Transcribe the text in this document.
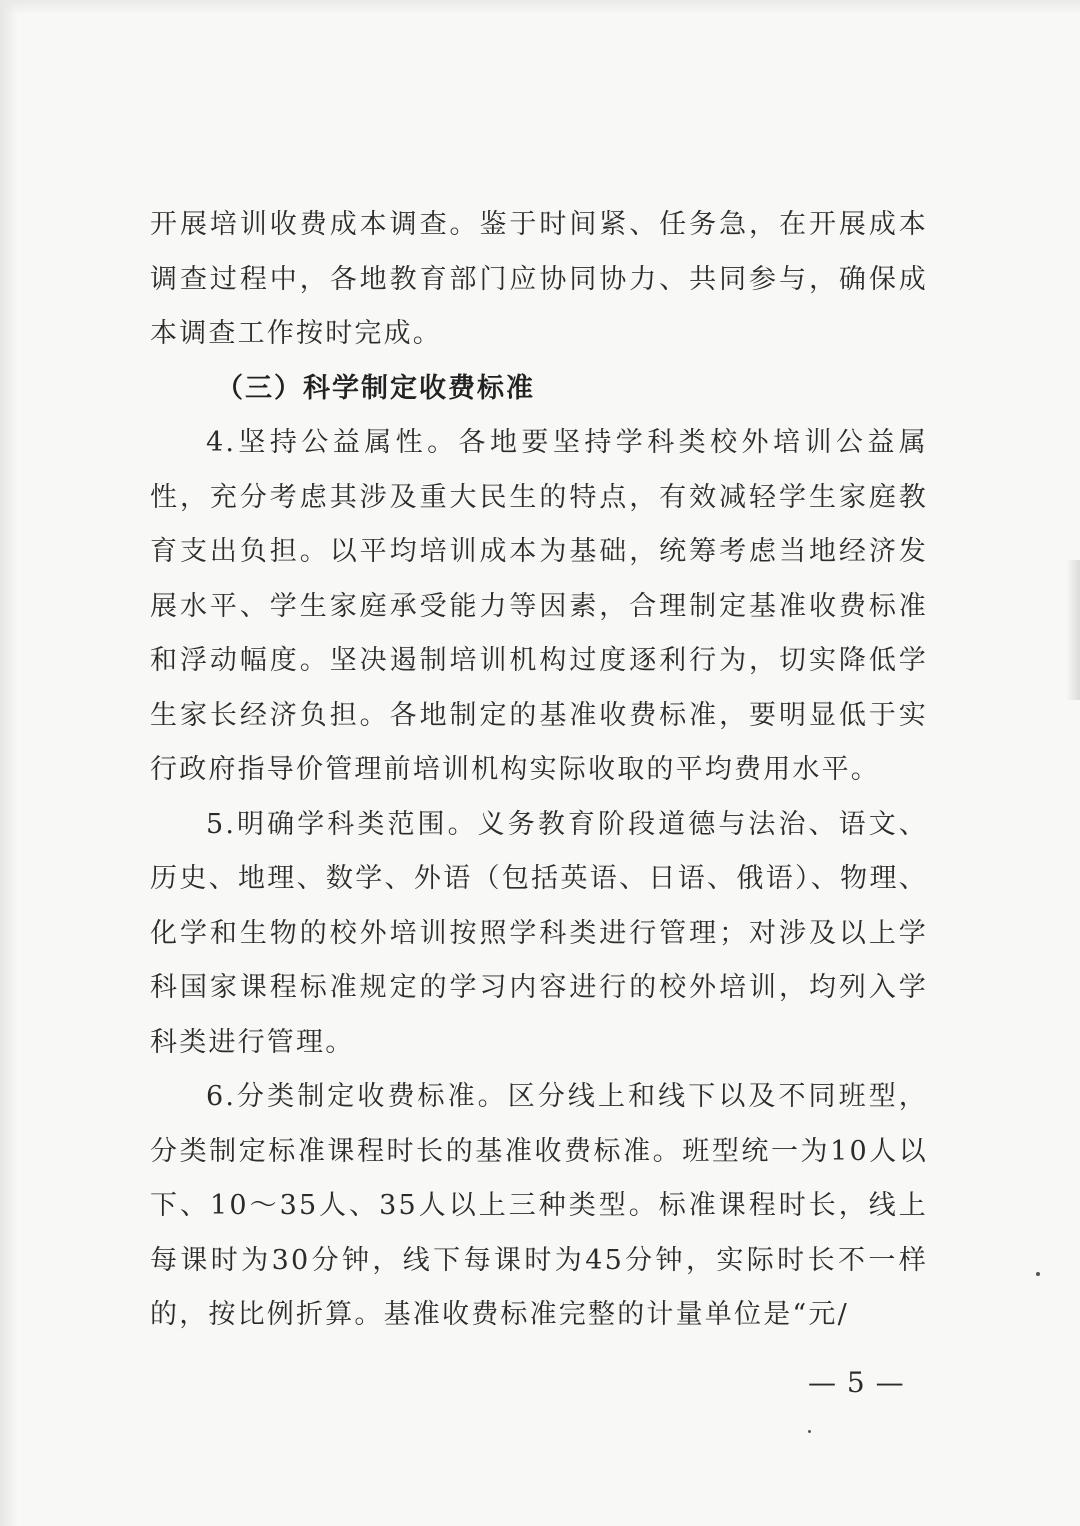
开展培训收费成本调查。鉴于时间紧、任务急，在开展成本调查过程中，各地教育部门应协同协力、共同参与，确保成本调查工作按时完成。

（三）科学制定收费标准

4.坚持公益属性。各地要坚持学科类校外培训公益属性，充分考虑其涉及重大民生的特点，有效减轻学生家庭教育支出负担。以平均培训成本为基础，统筹考虑当地经济发展水平、学生家庭承受能力等因素，合理制定基准收费标准和浮动幅度。坚决遏制培训机构过度逐利行为，切实降低学生家长经济负担。各地制定的基准收费标准，要明显低于实行政府指导价管理前培训机构实际收取的平均费用水平。

5.明确学科类范围。义务教育阶段道德与法治、语文、历史、地理、数学、外语（包括英语、日语、俄语）、物理、化学和生物的校外培训按照学科类进行管理；对涉及以上学科国家课程标准规定的学习内容进行的校外培训，均列入学科类进行管理。

6.分类制定收费标准。区分线上和线下以及不同班型，分类制定标准课程时长的基准收费标准。班型统一为10人以下、10～35人、35人以上三种类型。标准课程时长，线上每课时为30分钟，线下每课时为45分钟，实际时长不一样的，按比例折算。基准收费标准完整的计量单位是“元/

— 5 —
